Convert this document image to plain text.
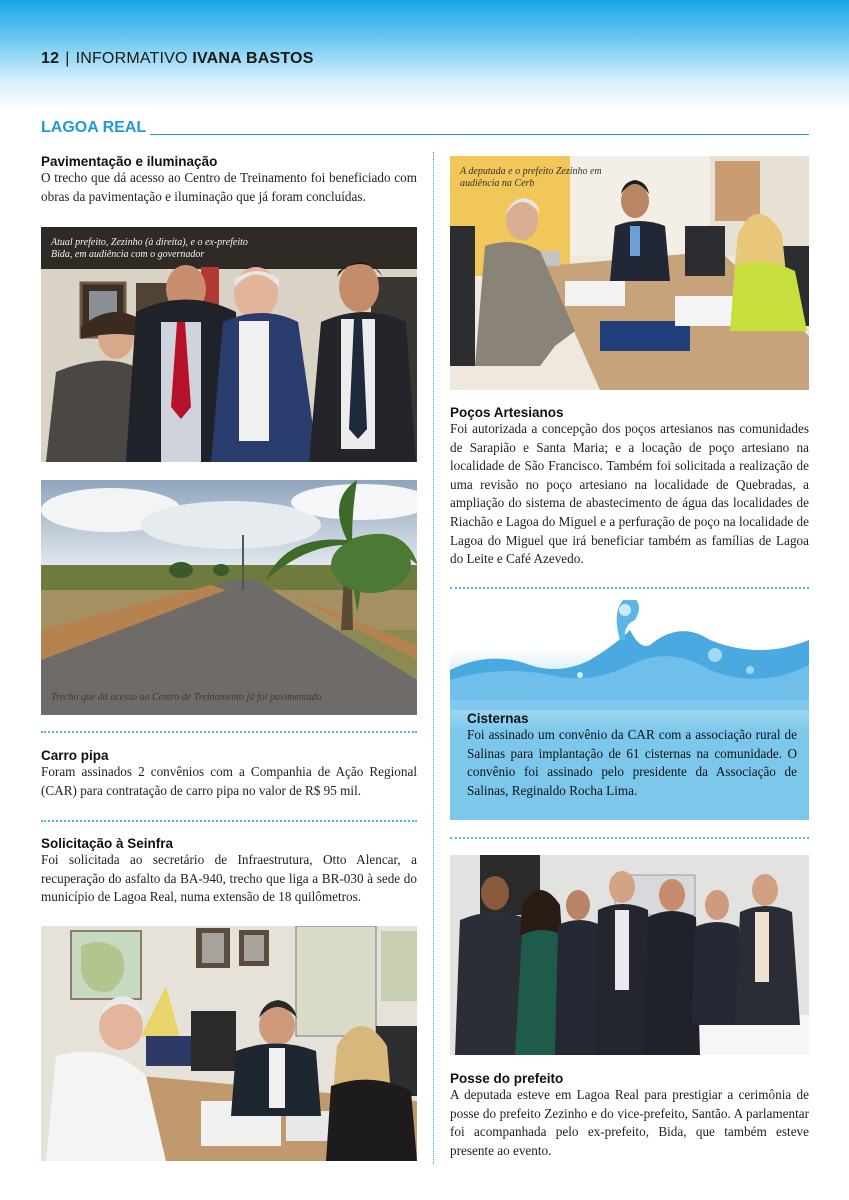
12 | INFORMATIVO IVANA BASTOS
LAGOA REAL
Pavimentação e iluminação

O trecho que dá acesso ao Centro de Treinamento foi beneficiado com obras da pavimentação e iluminação que já foram concluídas.

Atual prefeito, Zezinho (à direita), e o ex-prefeito Bida, em audiência com o governador
Trecho que dá acesso ao Centro de Treinamento já foi pavimentado
Carro pipa

Foram assinados 2 convênios com a Companhia de Ação Regional (CAR) para contratação de carro pipa no valor de R$ 95 mil.

Solicitação à Seinfra

Foi solicitada ao secretário de Infraestrutura, Otto Alencar, a recuperação do asfalto da BA-940, trecho que liga a BR-030 à sede do município de Lagoa Real, numa extensão de 18 quilômetros.

A deputada e o prefeito Zezinho em audiência na Cerb
Poços Artesianos

Foi autorizada a concepção dos poços artesianos nas comunidades de Sarapião e Santa Maria; e a locação de poço artesiano na localidade de São Francisco. Também foi solicitada a realização de uma revisão no poço artesiano na localidade de Quebradas, a ampliação do sistema de abastecimento de água das localidades de Riachão e Lagoa do Miguel e a perfuração de poço na localidade de Lagoa do Miguel que irá beneficiar também as famílias de Lagoa do Leite e Café Azevedo.

Cisternas

Foi assinado um convênio da CAR com a associação rural de Salinas para implantação de 61 cisternas na comunidade. O convênio foi assinado pelo presidente da Associação de Salinas, Reginaldo Rocha Lima.

Posse do prefeito

A deputada esteve em Lagoa Real para prestigiar a cerimônia de posse do prefeito Zezinho e do vice-prefeito, Santão. A parlamentar foi acompanhada pelo ex-prefeito, Bida, que também esteve presente ao evento.
